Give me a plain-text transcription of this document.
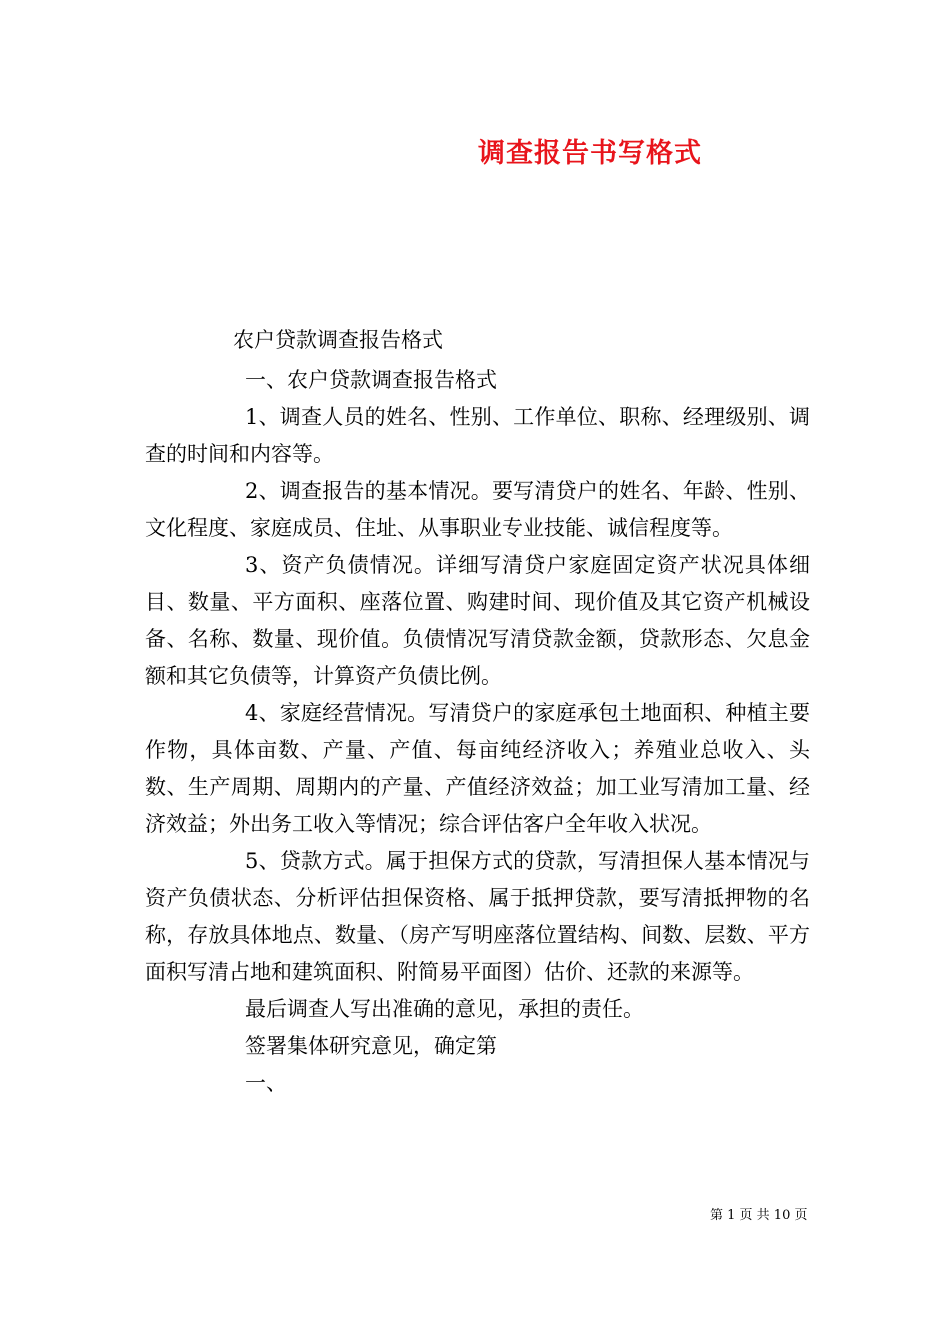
调查报告书写格式
农户贷款调查报告格式

一、农户贷款调查报告格式

1、调查人员的姓名、性别、工作单位、职称、经理级别、调查的时间和内容等。

2、调查报告的基本情况。要写清贷户的姓名、年龄、性别、文化程度、家庭成员、住址、从事职业专业技能、诚信程度等。

3、资产负债情况。详细写清贷户家庭固定资产状况具体细目、数量、平方面积、座落位置、购建时间、现价值及其它资产机械设备、名称、数量、现价值。负债情况写清贷款金额，贷款形态、欠息金额和其它负债等，计算资产负债比例。

4、家庭经营情况。写清贷户的家庭承包土地面积、种植主要作物，具体亩数、产量、产值、每亩纯经济收入；养殖业总收入、头数、生产周期、周期内的产量、产值经济效益；加工业写清加工量、经济效益；外出务工收入等情况；综合评估客户全年收入状况。

5、贷款方式。属于担保方式的贷款，写清担保人基本情况与资产负债状态、分析评估担保资格、属于抵押贷款，要写清抵押物的名称，存放具体地点、数量、（房产写明座落位置结构、间数、层数、平方面积写清占地和建筑面积、附简易平面图）估价、还款的来源等。

最后调查人写出准确的意见，承担的责任。

签署集体研究意见，确定第

一、

第 1 页 共 10 页
